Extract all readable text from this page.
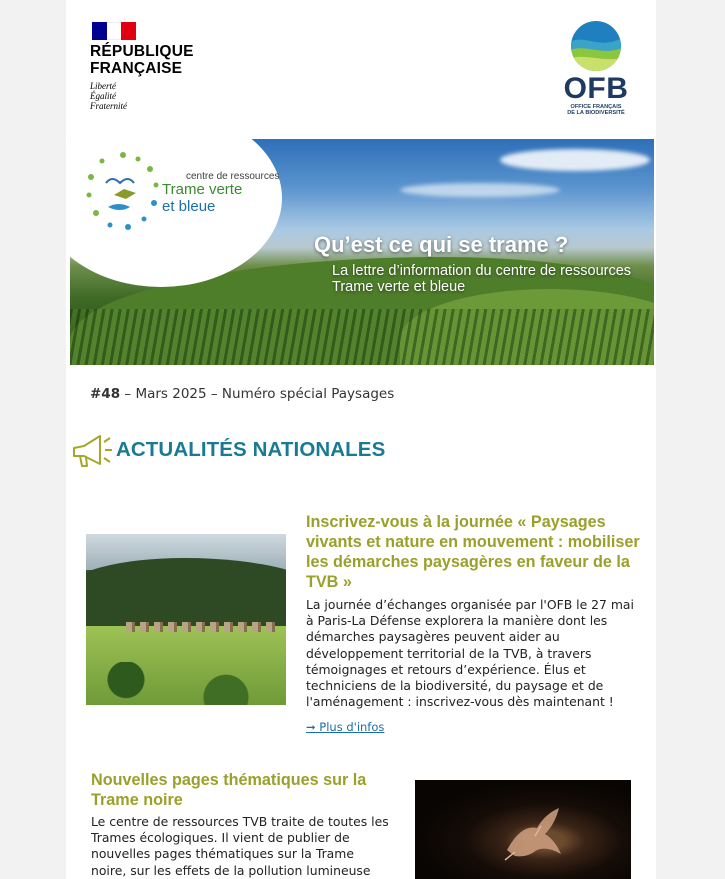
RÉPUBLIQUE
FRANÇAISE
Liberté
Égalité
Fraternité
OFB
OFFICE FRANÇAIS
DE LA BIODIVERSITÉ
centre de ressources
Trame verte
et bleue
Qu’est ce qui se trame ?
La lettre d’information du centre de ressources Trame verte et bleue
#48 – Mars 2025 – Numéro spécial Paysages
ACTUALITÉS NATIONALES
Inscrivez-vous à la journée « Paysages vivants et nature en mouvement : mobiliser les démarches paysagères en faveur de la TVB »
La journée d’échanges organisée par l'OFB le 27 mai à Paris-La Défense explorera la manière dont les démarches paysagères peuvent aider au développement territorial de la TVB, à travers témoignages et retours d’expérience. Élus et techniciens de la biodiversité, du paysage et de l'aménagement : inscrivez-vous dès maintenant !
➞ Plus d'infos
Nouvelles pages thématiques sur la Trame noire
Le centre de ressources TVB traite de toutes les Trames écologiques. Il vient de publier de nouvelles pages thématiques sur la Trame noire, sur les effets de la pollution lumineuse
